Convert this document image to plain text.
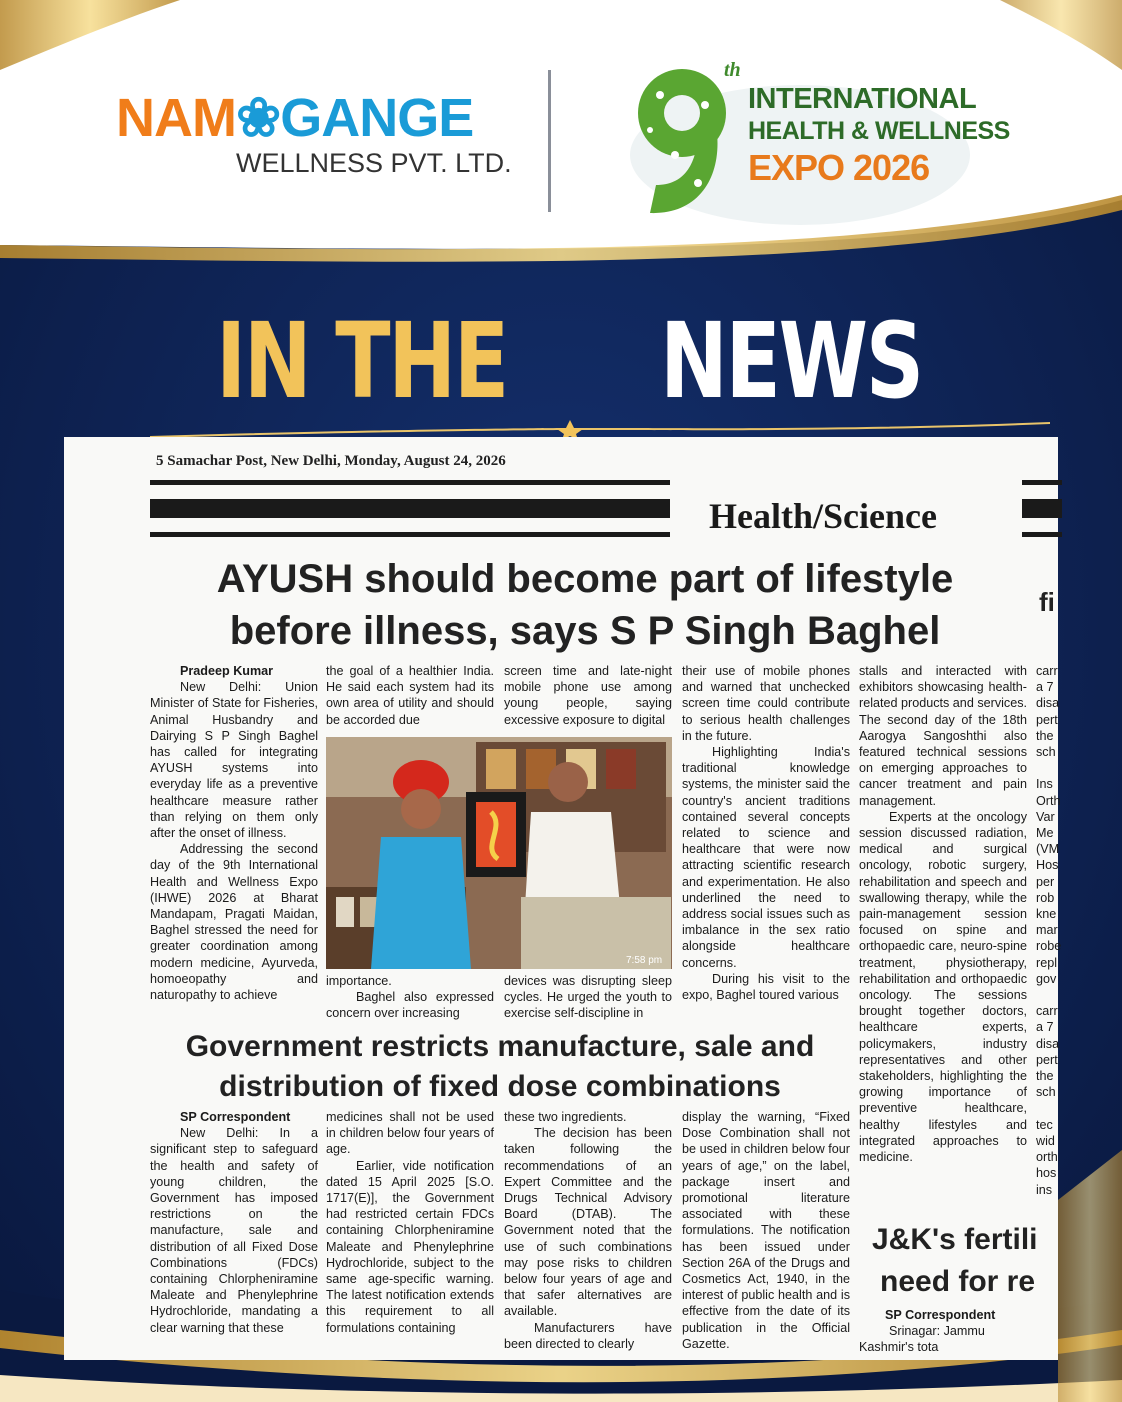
NAM❀GANGE
WELLNESS PVT. LTD.
th
INTERNATIONAL
HEALTH & WELLNESS
EXPO 2026
IN THE NEWS
5 Samachar Post, New Delhi, Monday, August 24, 2026
Health/Science
AYUSH should become part of lifestyle
before illness, says S P Singh Baghel
fi

Pradeep Kumar

New Delhi: Union Minister of State for Fisheries, Animal Husbandry and Dairying S P Singh Baghel has called for integrating AYUSH systems into everyday life as a preventive healthcare measure rather than relying on them only after the onset of illness.

Addressing the second day of the 9th International Health and Wellness Expo (IHWE) 2026 at Bharat Mandapam, Pragati Maidan, Baghel stressed the need for greater coordination among modern medicine, Ayurveda, homoeopathy and naturopathy to achieve

the goal of a healthier India. He said each system had its own area of utility and should be accorded due

screen time and late-night mobile phone use among young people, saying excessive exposure to digital

7:58 pm

importance.

Baghel also expressed concern over increasing

devices was disrupting sleep cycles. He urged the youth to exercise self-discipline in

their use of mobile phones and warned that unchecked screen time could contribute to serious health challenges in the future.

Highlighting India's traditional knowledge systems, the minister said the country's ancient traditions contained several concepts related to science and healthcare that were now attracting scientific research and experimentation. He also underlined the need to address social issues such as imbalance in the sex ratio alongside healthcare concerns.

During his visit to the expo, Baghel toured various

stalls and interacted with exhibitors showcasing health-related products and services. The second day of the 18th Aarogya Sangoshthi also featured technical sessions on emerging approaches to cancer treatment and pain management.

Experts at the oncology session discussed radiation, medical and surgical oncology, robotic surgery, rehabilitation and speech and swallowing therapy, while the pain-management session focused on spine and orthopaedic care, neuro-spine treatment, physiotherapy, rehabilitation and orthopaedic oncology. The sessions brought together doctors, healthcare experts, policymakers, industry representatives and other stakeholders, highlighting the growing importance of preventive healthcare, healthy lifestyles and integrated approaches to medicine.

Government restricts manufacture, sale and
distribution of fixed dose combinations

SP Correspondent

New Delhi: In a significant step to safeguard the health and safety of young children, the Government has imposed restrictions on the manufacture, sale and distribution of all Fixed Dose Combinations (FDCs) containing Chlorpheniramine Maleate and Phenylephrine Hydrochloride, mandating a clear warning that these

medicines shall not be used in children below four years of age.

Earlier, vide notification dated 15 April 2025 [S.O. 1717(E)], the Government had restricted certain FDCs containing Chlorpheniramine Maleate and Phenylephrine Hydrochloride, subject to the same age-specific warning. The latest notification extends this requirement to all formulations containing

these two ingredients.

The decision has been taken following the recommendations of an Expert Committee and the Drugs Technical Advisory Board (DTAB). The Government noted that the use of such combinations may pose risks to children below four years of age and that safer alternatives are available.

Manufacturers have been directed to clearly

display the warning, “Fixed Dose Combination shall not be used in children below four years of age,” on the label, package insert and promotional literature associated with these formulations. The notification has been issued under Section 26A of the Drugs and Cosmetics Act, 1940, in the interest of public health and is effective from the date of its publication in the Official Gazette.

J&K's fertili
need for re

SP Correspondent

Srinagar: Jammu Kashmir's tota

carr
a 7
disa
pert
the
sch

Ins
Orth
Var
Me
(VM
Hos
per
rob
kne
mar
robe
repl
gov

carr
a 7
disa
pert
the
sch

tec
wid
orth
hos
ins
